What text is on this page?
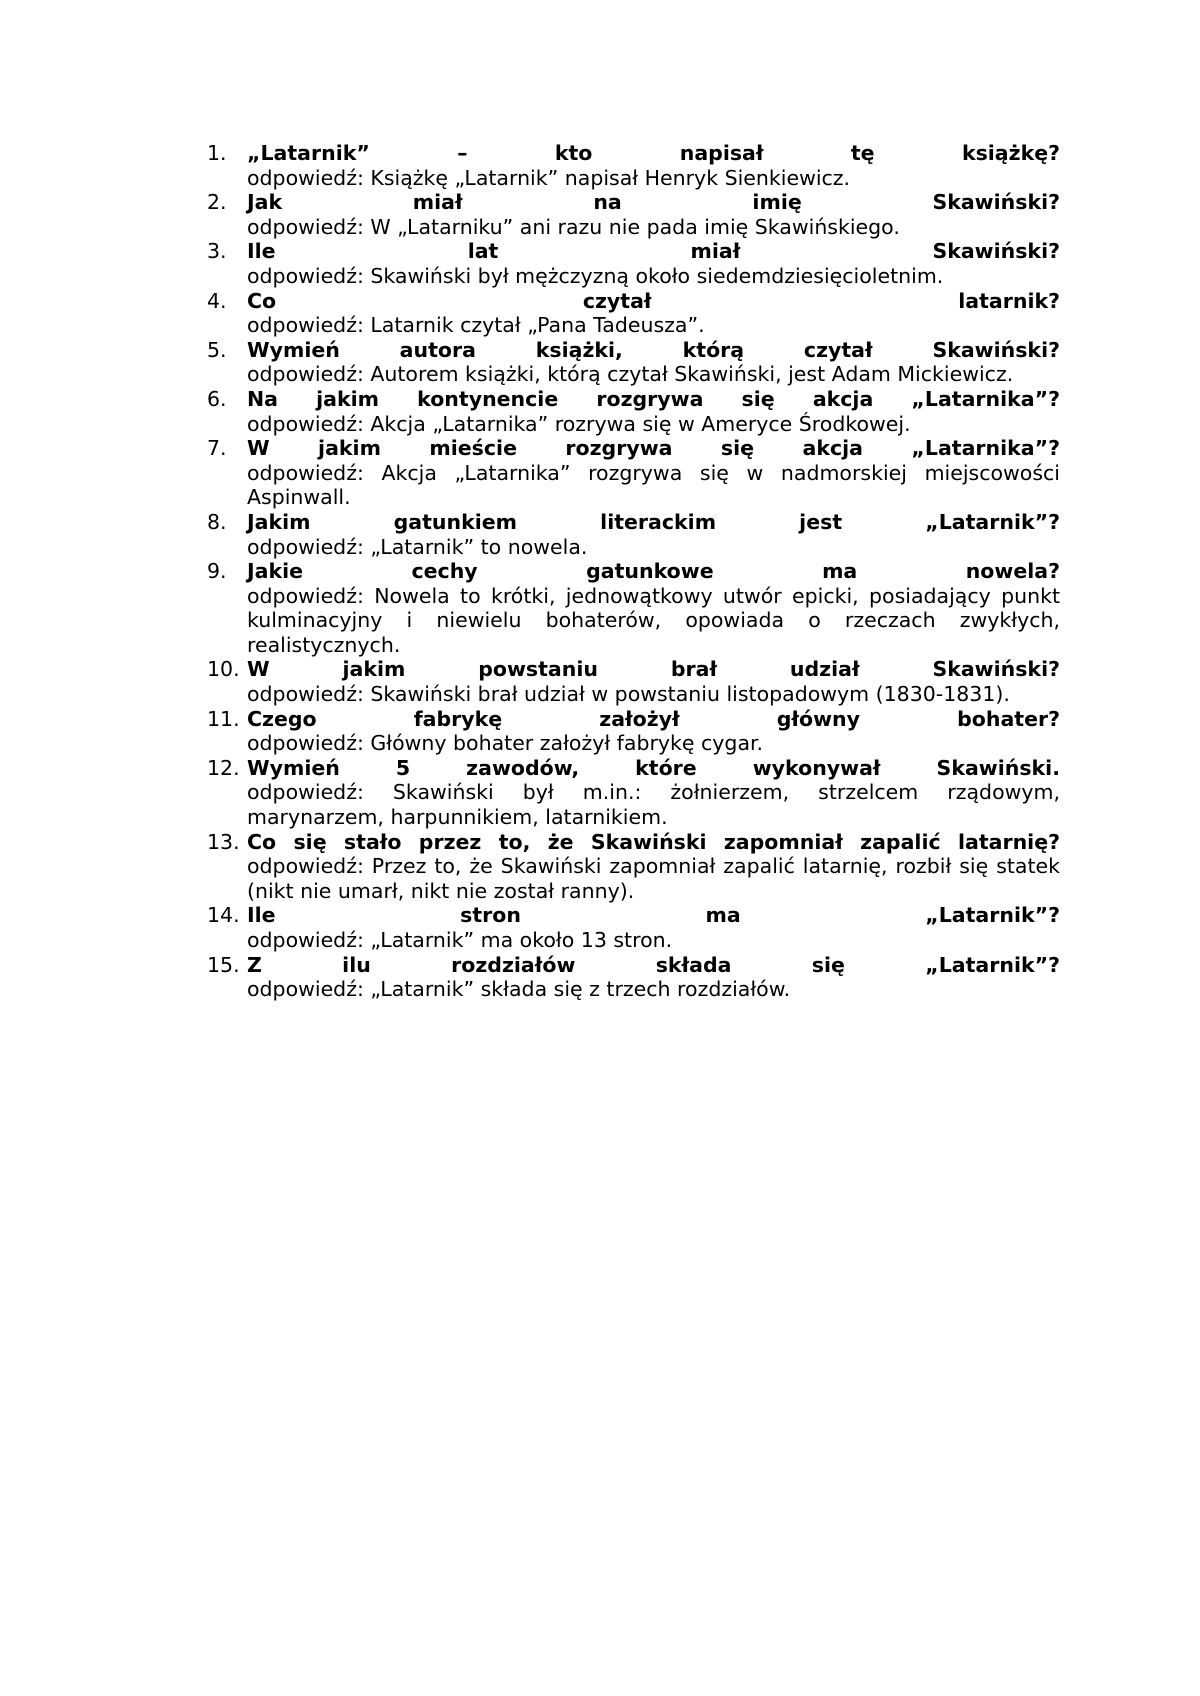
1. „Latarnik” – kto napisał tę książkę?
odpowiedź: Książkę „Latarnik” napisał Henryk Sienkiewicz.
2. Jak miał na imię Skawiński?
odpowiedź: W „Latarniku” ani razu nie pada imię Skawińskiego.
3. Ile lat miał Skawiński?
odpowiedź: Skawiński był mężczyzną około siedemdziesięcioletnim.
4. Co czytał latarnik?
odpowiedź: Latarnik czytał „Pana Tadeusza”.
5. Wymień autora książki, którą czytał Skawiński?
odpowiedź: Autorem książki, którą czytał Skawiński, jest Adam Mickiewicz.
6. Na jakim kontynencie rozgrywa się akcja „Latarnika”?
odpowiedź: Akcja „Latarnika” rozrywa się w Ameryce Środkowej.
7. W jakim mieście rozgrywa się akcja „Latarnika”?
odpowiedź: Akcja „Latarnika” rozgrywa się w nadmorskiej miejscowości Aspinwall.
8. Jakim gatunkiem literackim jest „Latarnik”?
odpowiedź: „Latarnik” to nowela.
9. Jakie cechy gatunkowe ma nowela?
odpowiedź: Nowela to krótki, jednowątkowy utwór epicki, posiadający punkt kulminacyjny i niewielu bohaterów, opowiada o rzeczach zwykłych, realistycznych.
10. W jakim powstaniu brał udział Skawiński?
odpowiedź: Skawiński brał udział w powstaniu listopadowym (1830-1831).
11. Czego fabrykę założył główny bohater?
odpowiedź: Główny bohater założył fabrykę cygar.
12. Wymień 5 zawodów, które wykonywał Skawiński.
odpowiedź: Skawiński był m.in.: żołnierzem, strzelcem rządowym, marynarzem, harpunnikiem, latarnikiem.
13. Co się stało przez to, że Skawiński zapomniał zapalić latarnię?
odpowiedź: Przez to, że Skawiński zapomniał zapalić latarnię, rozbił się statek (nikt nie umarł, nikt nie został ranny).
14. Ile stron ma „Latarnik”?
odpowiedź: „Latarnik” ma około 13 stron.
15. Z ilu rozdziałów składa się „Latarnik”?
odpowiedź: „Latarnik” składa się z trzech rozdziałów.
